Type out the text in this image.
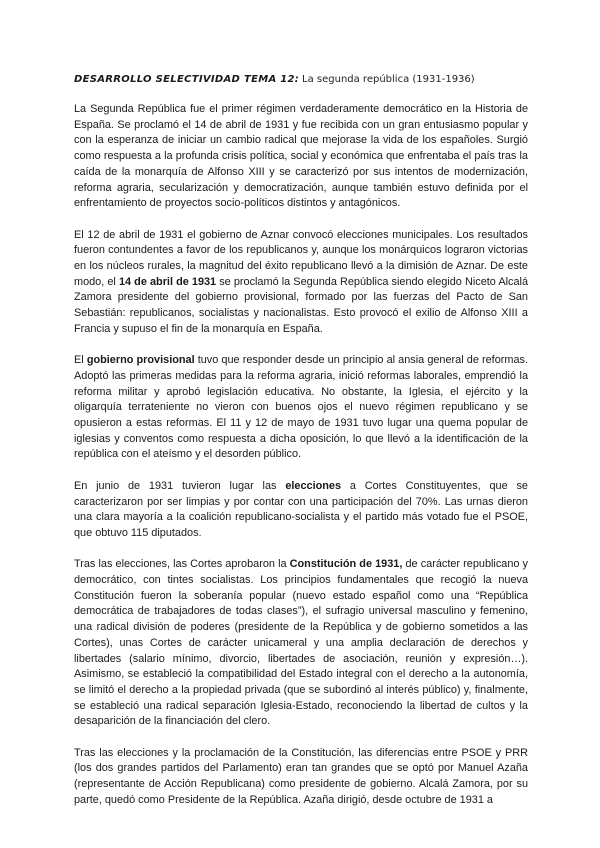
DESARROLLO SELECTIVIDAD TEMA 12: La segunda república (1931-1936)

La Segunda República fue el primer régimen verdaderamente democrático en la Historia de España. Se proclamó el 14 de abril de 1931 y fue recibida con un gran entusiasmo popular y con la esperanza de iniciar un cambio radical que mejorase la vida de los españoles. Surgió como respuesta a la profunda crisis política, social y económica que enfrentaba el país tras la caída de la monarquía de Alfonso XIII y se caracterizó por sus intentos de modernización, reforma agraria, secularización y democratización, aunque también estuvo definida por el enfrentamiento de proyectos socio-políticos distintos y antagónicos.

El 12 de abril de 1931 el gobierno de Aznar convocó elecciones municipales. Los resultados fueron contundentes a favor de los republicanos y, aunque los monárquicos lograron victorias en los núcleos rurales, la magnitud del éxito republicano llevó a la dimisión de Aznar. De este modo, el 14 de abril de 1931 se proclamó la Segunda República siendo elegido Niceto Alcalá Zamora presidente del gobierno provisional, formado por las fuerzas del Pacto de San Sebastián: republicanos, socialistas y nacionalistas. Esto provocó el exilio de Alfonso XIII a Francia y supuso el fin de la monarquía en España.

El gobierno provisional tuvo que responder desde un principio al ansia general de reformas. Adoptó las primeras medidas para la reforma agraria, inició reformas laborales, emprendió la reforma militar y aprobó legislación educativa. No obstante, la Iglesia, el ejército y la oligarquía terrateniente no vieron con buenos ojos el nuevo régimen republicano y se opusieron a estas reformas. El 11 y 12 de mayo de 1931 tuvo lugar una quema popular de iglesias y conventos como respuesta a dicha oposición, lo que llevó a la identificación de la república con el ateísmo y el desorden público.

En junio de 1931 tuvieron lugar las elecciones a Cortes Constituyentes, que se caracterizaron por ser limpias y por contar con una participación del 70%. Las urnas dieron una clara mayoría a la coalición republicano-socialista y el partido más votado fue el PSOE, que obtuvo 115 diputados.

Tras las elecciones, las Cortes aprobaron la Constitución de 1931, de carácter republicano y democrático, con tintes socialistas. Los principios fundamentales que recogió la nueva Constitución fueron la soberanía popular (nuevo estado español como una “República democrática de trabajadores de todas clases”), el sufragio universal masculino y femenino, una radical división de poderes (presidente de la República y de gobierno sometidos a las Cortes), unas Cortes de carácter unicameral y una amplia declaración de derechos y libertades (salario mínimo, divorcio, libertades de asociación, reunión y expresión…). Asimismo, se estableció la compatibilidad del Estado integral con el derecho a la autonomía, se limitó el derecho a la propiedad privada (que se subordinó al interés público) y, finalmente, se estableció una radical separación Iglesia-Estado, reconociendo la libertad de cultos y la desaparición de la financiación del clero.

Tras las elecciones y la proclamación de la Constitución, las diferencias entre PSOE y PRR (los dos grandes partidos del Parlamento) eran tan grandes que se optó por Manuel Azaña (representante de Acción Republicana) como presidente de gobierno. Alcalá Zamora, por su parte, quedó como Presidente de la República. Azaña dirigió, desde octubre de 1931 a
